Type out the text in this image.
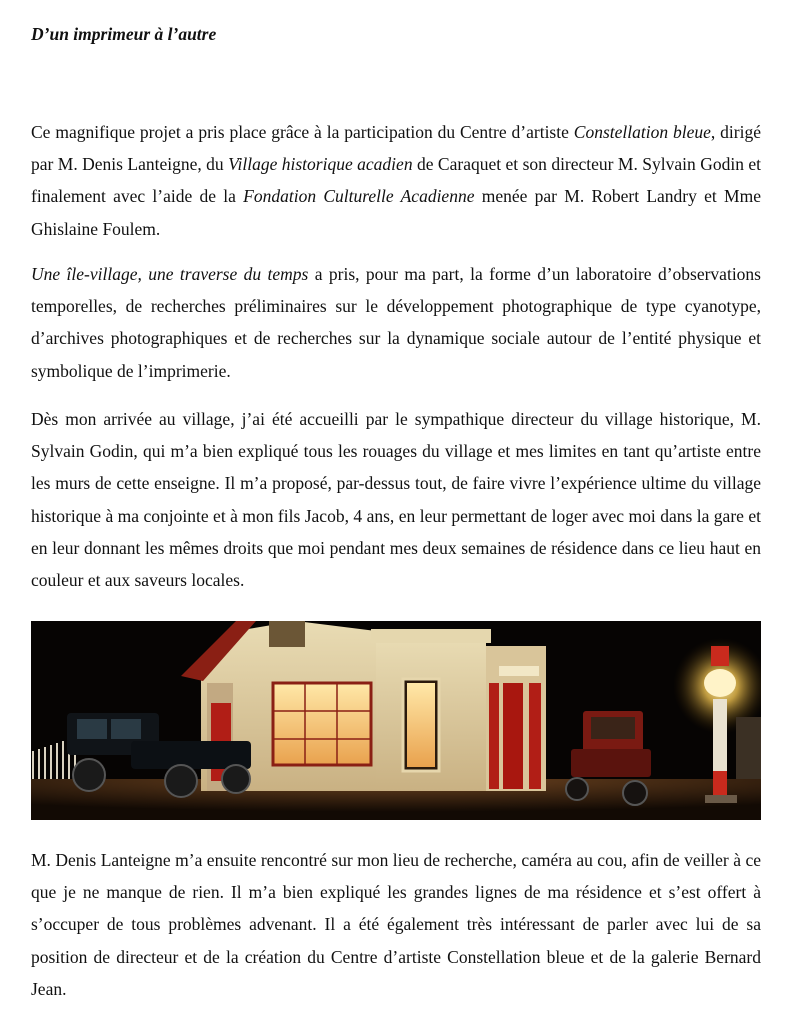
D’un imprimeur à l’autre

Ce magnifique projet a pris place grâce à la participation du Centre d’artiste Constellation bleue, dirigé par M. Denis Lanteigne, du Village historique acadien de Caraquet et son directeur M. Sylvain Godin et finalement avec l’aide de la Fondation Culturelle Acadienne menée par M. Robert Landry et Mme Ghislaine Foulem.

Une île-village, une traverse du temps a pris, pour ma part, la forme d’un laboratoire d’observations temporelles, de recherches préliminaires sur le développement photographique de type cyanotype, d’archives photographiques et de recherches sur la dynamique sociale autour de l’entité physique et symbolique de l’imprimerie.

Dès mon arrivée au village, j’ai été accueilli par le sympathique directeur du village historique, M. Sylvain Godin, qui m’a bien expliqué tous les rouages du village et mes limites en tant qu’artiste entre les murs de cette enseigne. Il m’a proposé, par-dessus tout, de faire vivre l’expérience ultime du village historique à ma conjointe et à mon fils Jacob, 4 ans, en leur permettant de loger avec moi dans la gare et en leur donnant les mêmes droits que moi pendant mes deux semaines de résidence dans ce lieu haut en couleur et aux saveurs locales.

M. Denis Lanteigne m’a ensuite rencontré sur mon lieu de recherche, caméra au cou, afin de veiller à ce que je ne manque de rien. Il m’a bien expliqué les grandes lignes de ma résidence et s’est offert à s’occuper de tous problèmes advenant. Il a été également très intéressant de parler avec lui de sa position de directeur et de la création du Centre d’artiste Constellation bleue et de la galerie Bernard Jean.
